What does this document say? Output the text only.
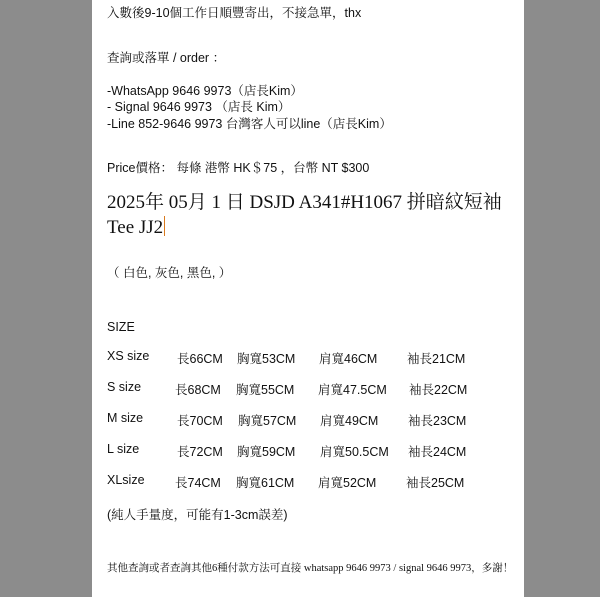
入數後9-10個工作日順豐寄出，不接急單，thx
查詢或落單 / order ：
-WhatsApp 9646 9973（店長Kim）
- Signal 9646 9973 （店長 Kim）
-Line 852-9646 9973 台灣客人可以line（店長Kim）
Price價格： 每條 港幣 HK＄75 ，台幣 NT $300
2025年 05月 1 日 DSJD A341#H1067 拼暗紋短袖 Tee JJ2
（ 白色, 灰色, 黑色, ）
SIZE
XS size 長66CM 胸寬53CM 肩寬46CM 袖長21CM
S size	長68CM 胸寬55CM 肩寬47.5CM 袖長22CM
M size	長70CM 胸寬57CM 肩寬49CM 袖長23CM
L size	長72CM 胸寬59CM 肩寬50.5CM 袖長24CM
XLsize 長74CM 胸寬61CM 肩寬52CM 袖長25CM
(純人手量度，可能有1-3cm誤差)
其他查詢或者查詢其他6種付款方法可直接 whatsapp 9646 9973 / signal 9646 9973，多謝！
